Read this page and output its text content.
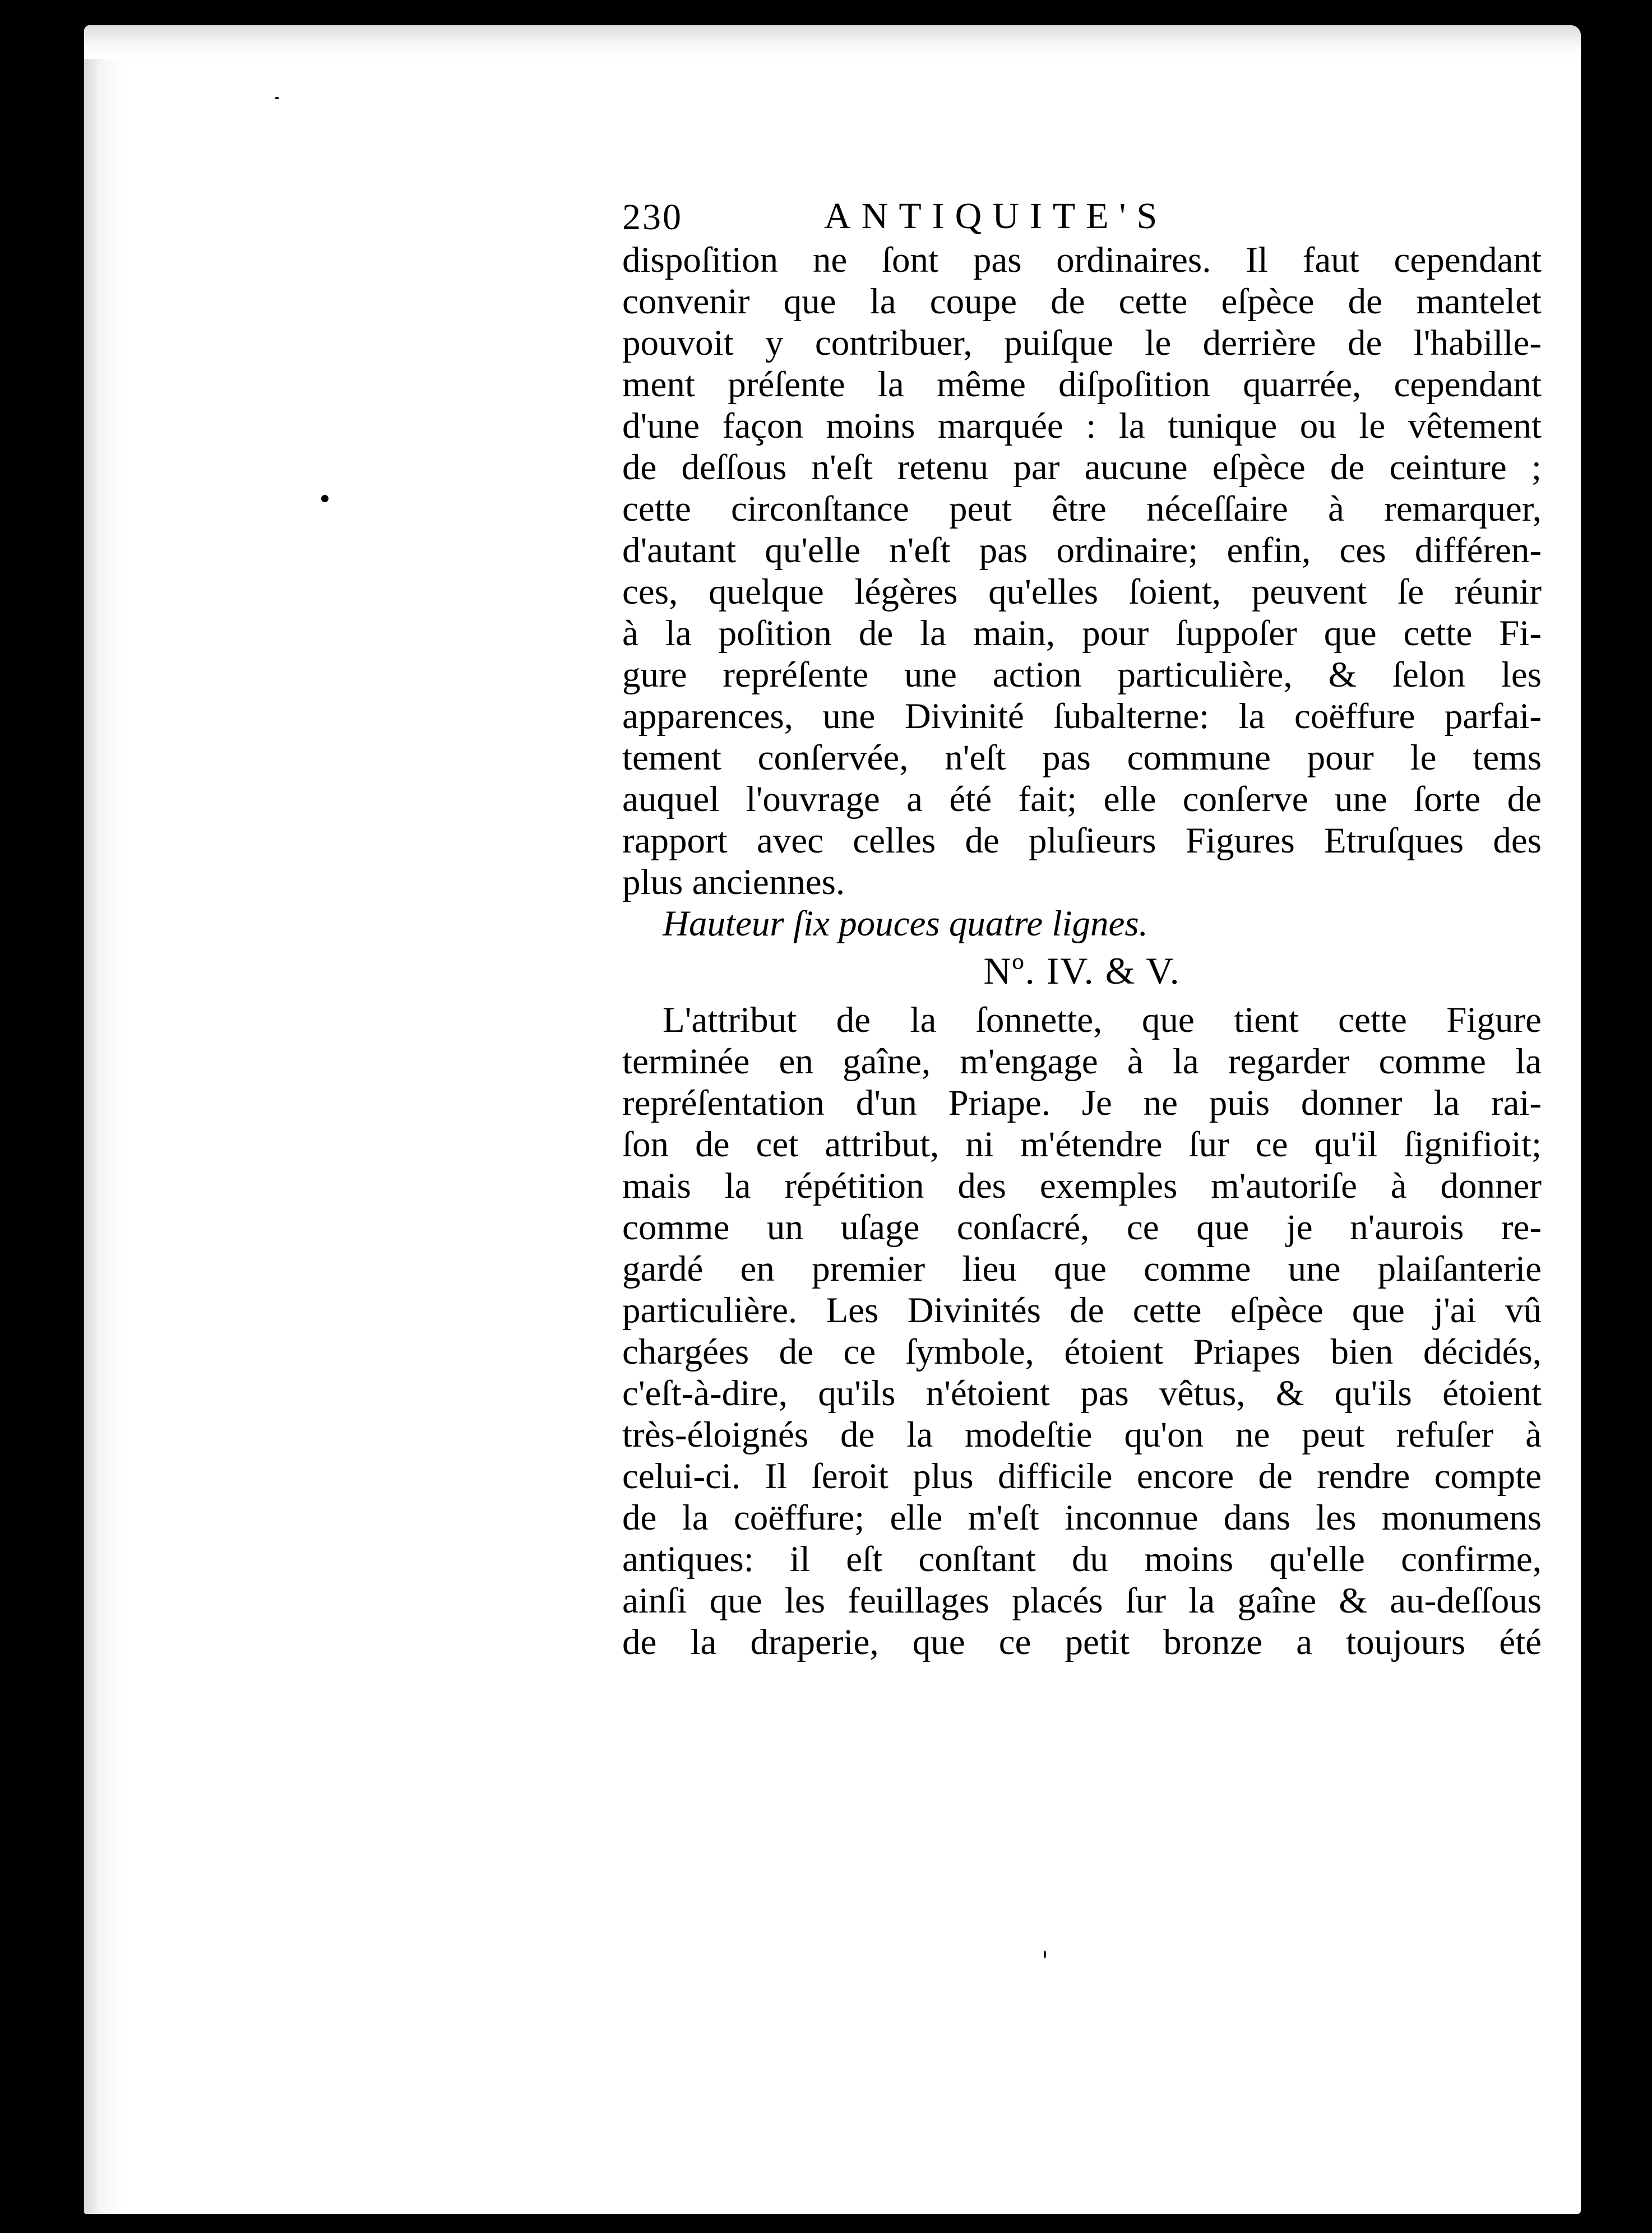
230	ANTIQUITE'S
dispoſition ne ſont pas ordinaires. Il faut cependant
convenir que la coupe de cette eſpèce de mantelet
pouvoit y contribuer, puiſque le derrière de l'habille-
ment préſente la même diſpoſition quarrée, cependant
d'une façon moins marquée : la tunique ou le vêtement
de deſſous n'eſt retenu par aucune eſpèce de ceinture ;
cette circonſtance peut être néceſſaire à remarquer,
d'autant qu'elle n'eſt pas ordinaire; enfin, ces différen-
ces, quelque légères qu'elles ſoient, peuvent ſe réunir
à la poſition de la main, pour ſuppoſer que cette Fi-
gure repréſente une action particulière, & ſelon les
apparences, une Divinité ſubalterne: la coëffure parfai-
tement conſervée, n'eſt pas commune pour le tems
auquel l'ouvrage a été fait; elle conſerve une ſorte de
rapport avec celles de pluſieurs Figures Etruſques des
plus anciennes.
Hauteur ſix pouces quatre lignes.
Nº. IV. & V.
L'attribut de la ſonnette, que tient cette Figure
terminée en gaîne, m'engage à la regarder comme la
repréſentation d'un Priape. Je ne puis donner la rai-
ſon de cet attribut, ni m'étendre ſur ce qu'il ſignifioit;
mais la répétition des exemples m'autoriſe à donner
comme un uſage conſacré, ce que je n'aurois re-
gardé en premier lieu que comme une plaiſanterie
particulière. Les Divinités de cette eſpèce que j'ai vû
chargées de ce ſymbole, étoient Priapes bien décidés,
c'eſt-à-dire, qu'ils n'étoient pas vêtus, & qu'ils étoient
très-éloignés de la modeſtie qu'on ne peut refuſer à
celui-ci. Il ſeroit plus difficile encore de rendre compte
de la coëffure; elle m'eſt inconnue dans les monumens
antiques: il eſt conſtant du moins qu'elle confirme,
ainſi que les feuillages placés ſur la gaîne & au-deſſous
de la draperie, que ce petit bronze a toujours été
